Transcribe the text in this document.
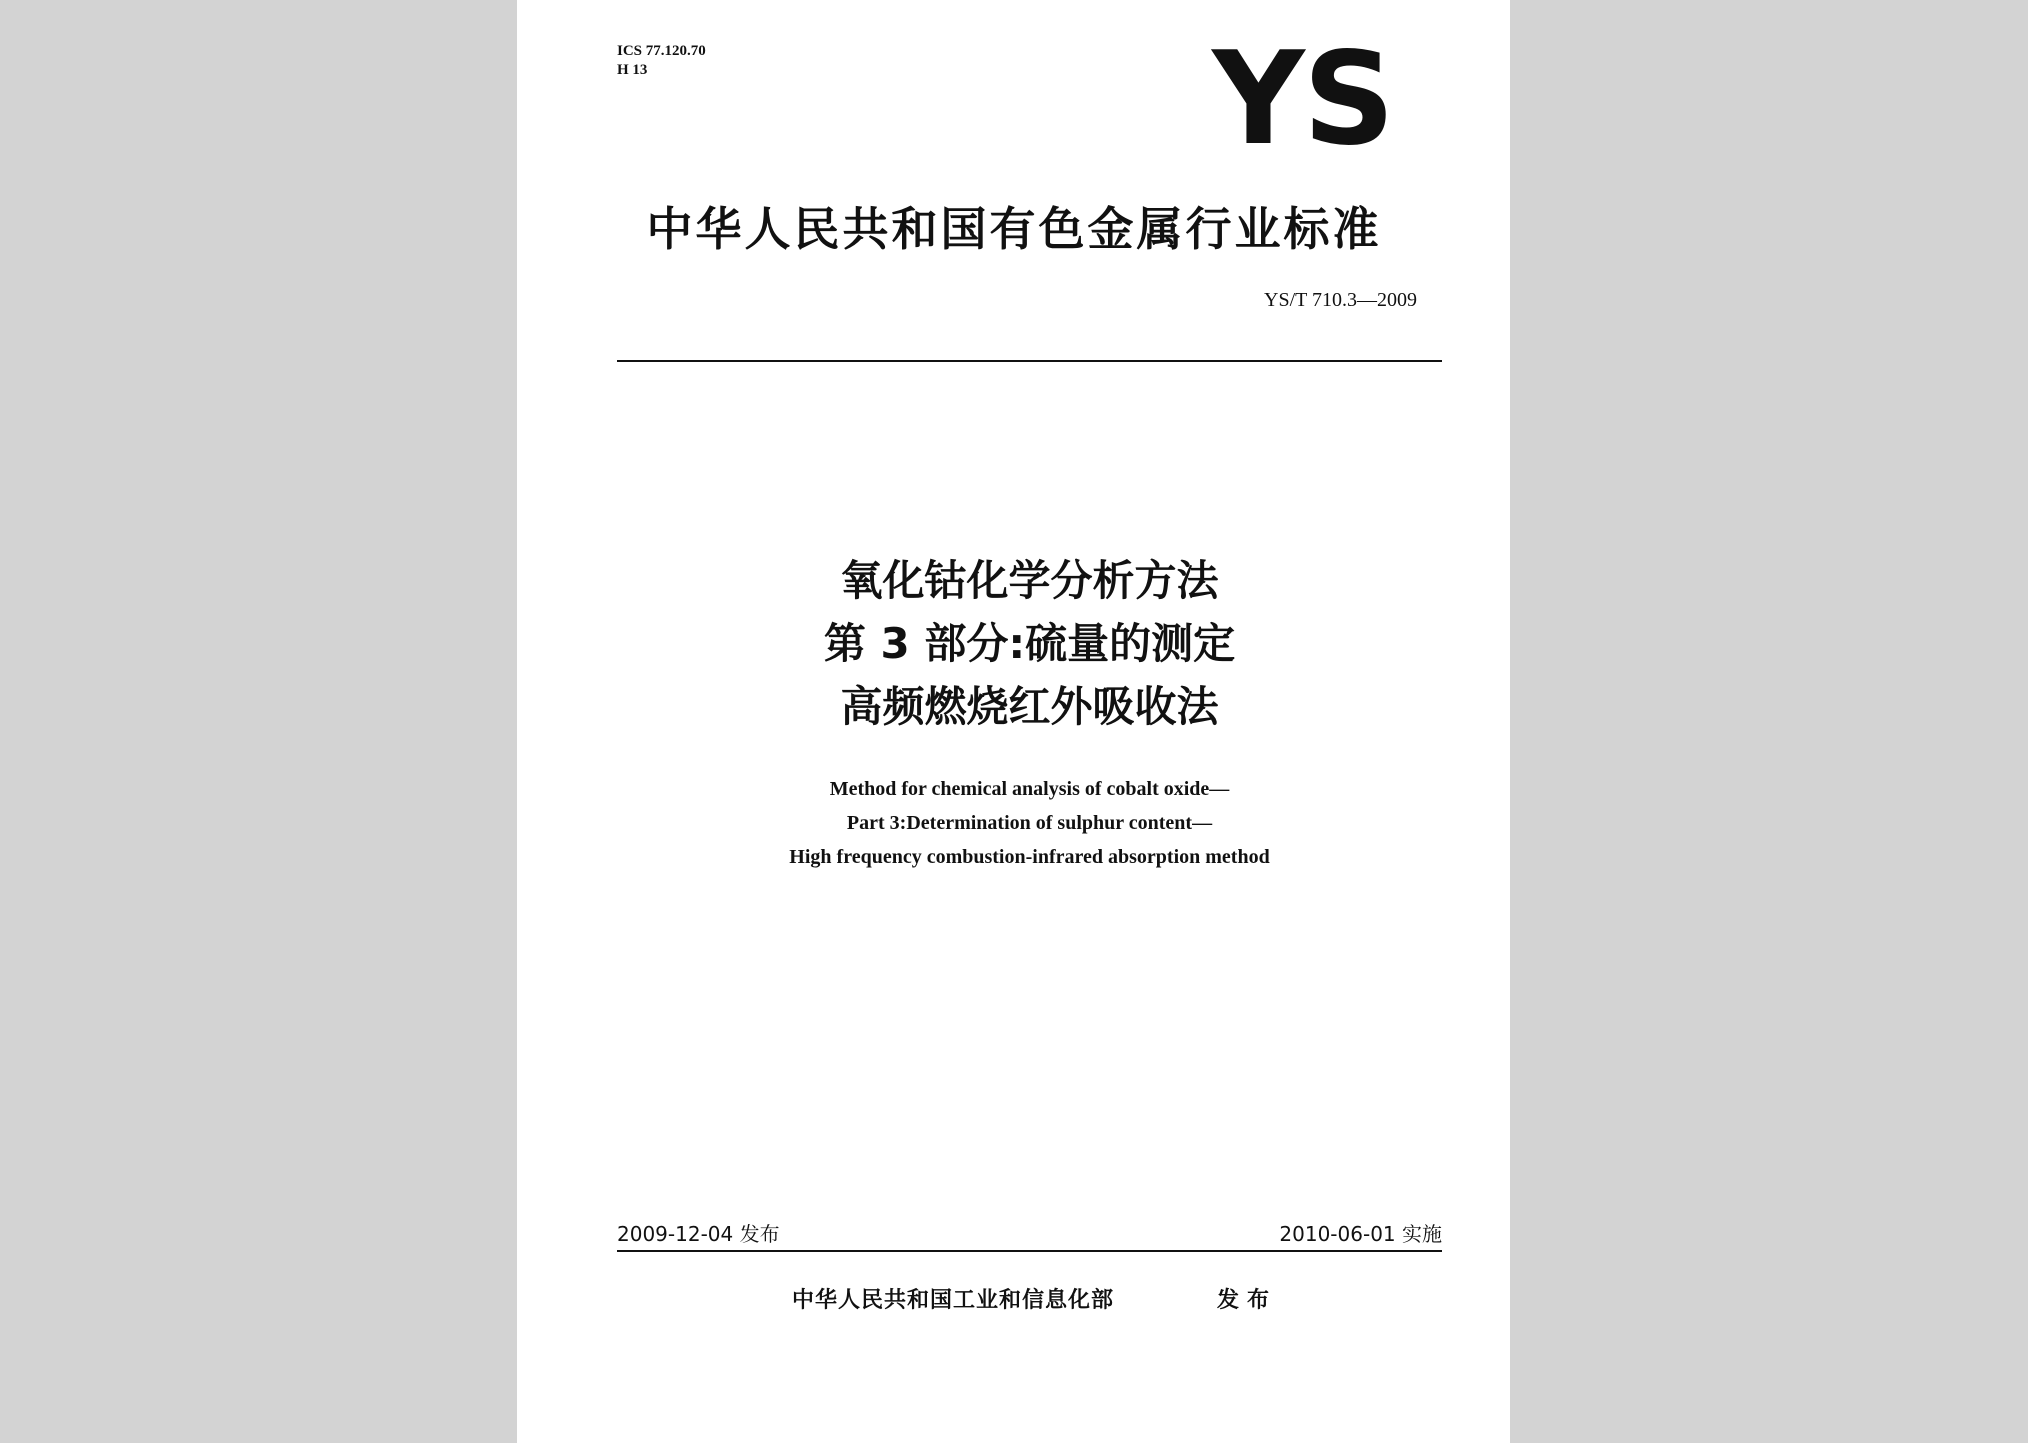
ICS 77.120.70
H 13	YS
中华人民共和国有色金属行业标准
YS/T 710.3—2009
氧化钴化学分析方法
第 3 部分:硫量的测定
高频燃烧红外吸收法
Method for chemical analysis of cobalt oxide—
Part 3:Determination of sulphur content—
High frequency combustion-infrared absorption method
2009-12-04 发布	2010-06-01 实施
中华人民共和国工业和信息化部	发布
